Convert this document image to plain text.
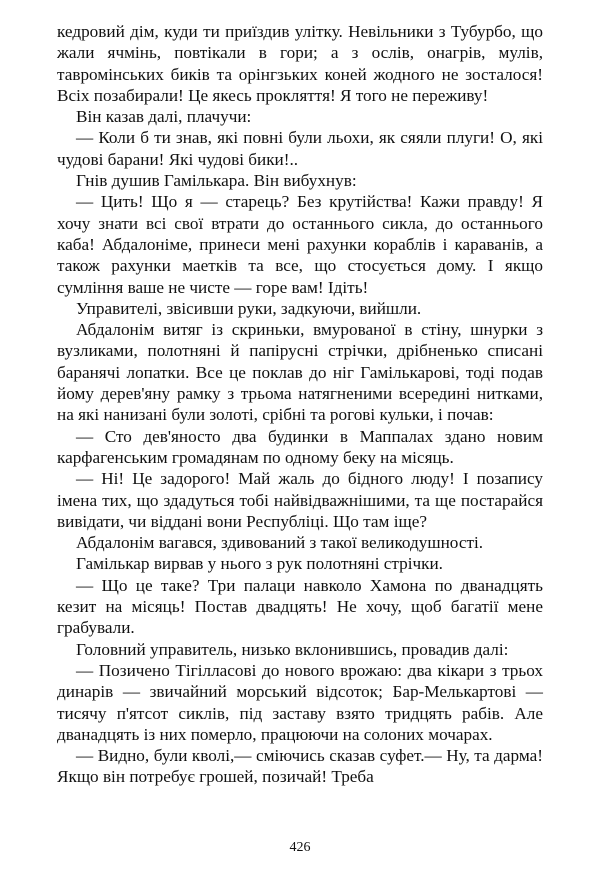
кедровий дім, куди ти приїздив улітку. Невільники з Тубурбо, що жали ячмінь, повтікали в гори; а з ослів, онагрів, мулів, тавромінських биків та орінгзьких коней жодного не зосталося! Всіх позабирали! Це якесь прокляття! Я того не переживу!

Він казав далі, плачучи:

— Коли б ти знав, які повні були льохи, як сяяли плуги! О, які чудові барани! Які чудові бики!..

Гнів душив Гамількара. Він вибухнув:

— Цить! Що я — старець? Без крутійства! Кажи правду! Я хочу знати всі свої втрати до останнього сикла, до останнього каба! Абдалоніме, принеси мені рахунки кораблів і караванів, а також рахунки маетків та все, що стосується дому. І якщо сумління ваше не чисте — горе вам! Ідіть!

Управителі, звісивши руки, задкуючи, вийшли.

Абдалонім витяг із скриньки, вмурованої в стіну, шнурки з вузликами, полотняні й папірусні стрічки, дрібненько списані баранячі лопатки. Все це поклав до ніг Гамількарові, тоді подав йому дерев'яну рамку з трьома натягненими всередині нитками, на які нанизані були золоті, срібні та рогові кульки, і почав:

— Сто дев'яносто два будинки в Маппалах здано новим карфагенським громадянам по одному беку на місяць.

— Ні! Це задорого! Май жаль до бідного люду! І позапису імена тих, що здадуться тобі найвідважнішими, та ще постарайся вивідати, чи віддані вони Республіці. Що там іще?

Абдалонім вагався, здивований з такої великодушності.

Гамількар вирвав у нього з рук полотняні стрічки.

— Що це таке? Три палаци навколо Хамона по дванадцять кезит на місяць! Постав двадцять! Не хочу, щоб багатії мене грабували.

Головний управитель, низько вклонившись, провадив далі:

— Позичено Тігілласові до нового врожаю: два кікари з трьох динарів — звичайний морський відсоток; Бар-Мелькартові — тисячу п'ятсот сиклів, під заставу взято тридцять рабів. Але дванадцять із них померло, працюючи на солоних мочарах.

— Видно, були кволі,— сміючись сказав суфет.— Ну, та дарма! Якщо він потребує грошей, позичай! Треба

426
